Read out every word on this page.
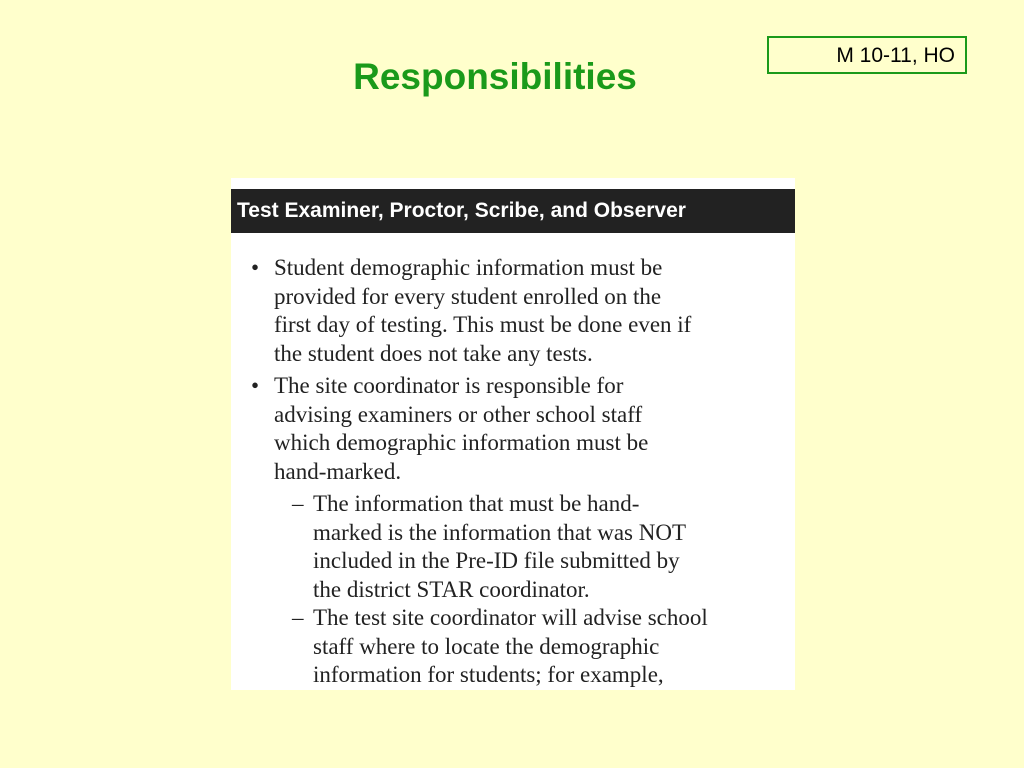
Responsibilities
M 10-11, HO
Test Examiner, Proctor, Scribe, and Observer
• Student demographic information must be
provided for every student enrolled on the
first day of testing. This must be done even if
the student does not take any tests.
• The site coordinator is responsible for
advising examiners or other school staff
which demographic information must be
hand-marked.
– The information that must be hand-
marked is the information that was NOT
included in the Pre-ID file submitted by
the district STAR coordinator.
– The test site coordinator will advise school
staff where to locate the demographic
information for students; for example,
